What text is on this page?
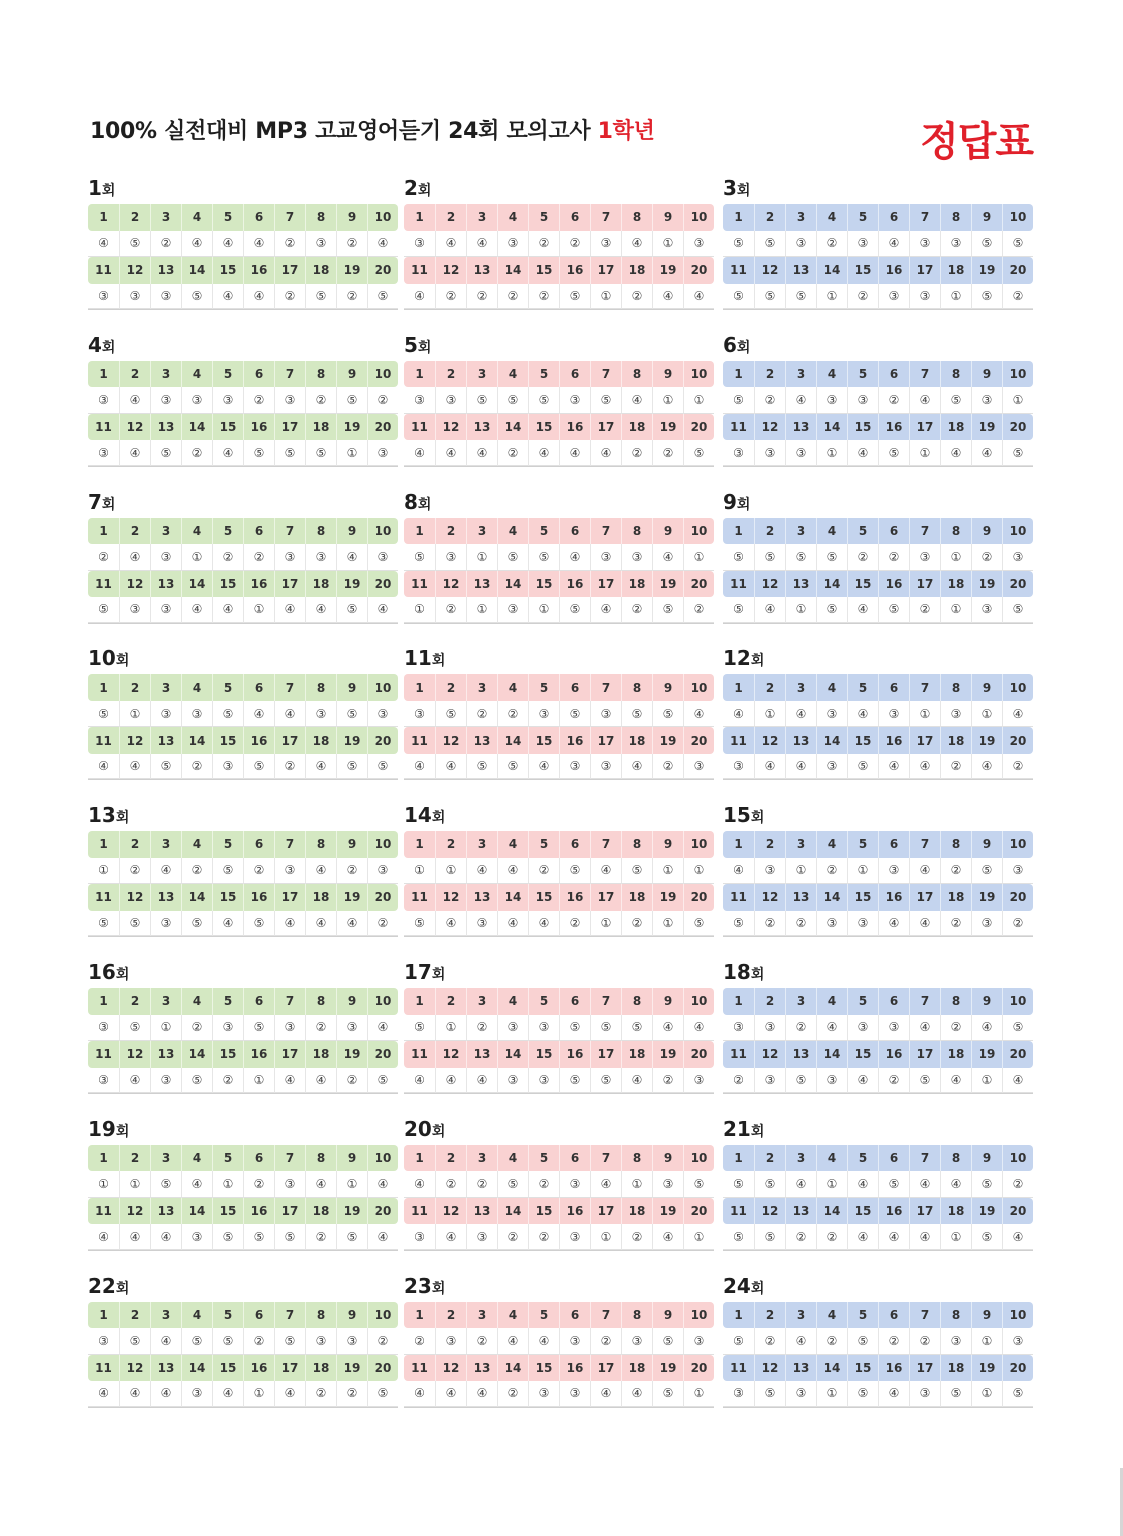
100% 실전대비 MP3 고교영어듣기 24회 모의고사 1학년	정답표
1회
1	2	3	4	5	6	7	8	9	10
④	⑤	②	④	④	④	②	③	②	④
11	12	13	14	15	16	17	18	19	20
③	③	③	⑤	④	④	②	⑤	②	⑤
2회
1	2	3	4	5	6	7	8	9	10
③	④	④	③	②	②	③	④	①	③
11	12	13	14	15	16	17	18	19	20
④	②	②	②	②	⑤	①	②	④	④
3회
1	2	3	4	5	6	7	8	9	10
⑤	⑤	③	②	③	④	③	③	⑤	⑤
11	12	13	14	15	16	17	18	19	20
⑤	⑤	⑤	①	②	③	③	①	⑤	②
4회
1	2	3	4	5	6	7	8	9	10
③	④	③	③	③	②	③	②	⑤	②
11	12	13	14	15	16	17	18	19	20
③	④	⑤	②	④	⑤	⑤	⑤	①	③
5회
1	2	3	4	5	6	7	8	9	10
③	③	⑤	⑤	⑤	③	⑤	④	①	①
11	12	13	14	15	16	17	18	19	20
④	④	④	②	④	④	④	②	②	⑤
6회
1	2	3	4	5	6	7	8	9	10
⑤	②	④	③	③	②	④	⑤	③	①
11	12	13	14	15	16	17	18	19	20
③	③	③	①	④	⑤	①	④	④	⑤
7회
1	2	3	4	5	6	7	8	9	10
②	④	③	①	②	②	③	③	④	③
11	12	13	14	15	16	17	18	19	20
⑤	③	③	④	④	①	④	④	⑤	④
8회
1	2	3	4	5	6	7	8	9	10
⑤	③	①	⑤	⑤	④	③	③	④	①
11	12	13	14	15	16	17	18	19	20
①	②	①	③	①	⑤	④	②	⑤	②
9회
1	2	3	4	5	6	7	8	9	10
⑤	⑤	⑤	⑤	②	②	③	①	②	③
11	12	13	14	15	16	17	18	19	20
⑤	④	①	⑤	④	⑤	②	①	③	⑤
10회
1	2	3	4	5	6	7	8	9	10
⑤	①	③	③	⑤	④	④	③	⑤	③
11	12	13	14	15	16	17	18	19	20
④	④	⑤	②	③	⑤	②	④	⑤	⑤
11회
1	2	3	4	5	6	7	8	9	10
③	⑤	②	②	③	⑤	③	⑤	⑤	④
11	12	13	14	15	16	17	18	19	20
④	④	⑤	⑤	④	③	③	④	②	③
12회
1	2	3	4	5	6	7	8	9	10
④	①	④	③	④	③	①	③	①	④
11	12	13	14	15	16	17	18	19	20
③	④	④	③	⑤	④	④	②	④	②
13회
1	2	3	4	5	6	7	8	9	10
①	②	④	②	⑤	②	③	④	②	③
11	12	13	14	15	16	17	18	19	20
⑤	⑤	③	⑤	④	⑤	④	④	④	②
14회
1	2	3	4	5	6	7	8	9	10
①	①	④	④	②	⑤	④	⑤	①	①
11	12	13	14	15	16	17	18	19	20
⑤	④	③	④	④	②	①	②	①	⑤
15회
1	2	3	4	5	6	7	8	9	10
④	③	①	②	①	③	④	②	⑤	③
11	12	13	14	15	16	17	18	19	20
⑤	②	②	③	③	④	④	②	③	②
16회
1	2	3	4	5	6	7	8	9	10
③	⑤	①	②	③	⑤	③	②	③	④
11	12	13	14	15	16	17	18	19	20
③	④	③	⑤	②	①	④	④	②	⑤
17회
1	2	3	4	5	6	7	8	9	10
⑤	①	②	③	③	⑤	⑤	⑤	④	④
11	12	13	14	15	16	17	18	19	20
④	④	④	③	③	⑤	⑤	④	②	③
18회
1	2	3	4	5	6	7	8	9	10
③	③	②	④	③	③	④	②	④	⑤
11	12	13	14	15	16	17	18	19	20
②	③	⑤	③	④	②	⑤	④	①	④
19회
1	2	3	4	5	6	7	8	9	10
①	①	⑤	④	①	②	③	④	①	④
11	12	13	14	15	16	17	18	19	20
④	④	④	③	⑤	⑤	⑤	②	⑤	④
20회
1	2	3	4	5	6	7	8	9	10
④	②	②	⑤	②	③	④	①	③	⑤
11	12	13	14	15	16	17	18	19	20
③	④	③	②	②	③	①	②	④	①
21회
1	2	3	4	5	6	7	8	9	10
⑤	⑤	④	①	④	⑤	④	④	⑤	②
11	12	13	14	15	16	17	18	19	20
⑤	⑤	②	②	④	④	④	①	⑤	④
22회
1	2	3	4	5	6	7	8	9	10
③	⑤	④	⑤	⑤	②	⑤	③	③	②
11	12	13	14	15	16	17	18	19	20
④	④	④	③	④	①	④	②	②	⑤
23회
1	2	3	4	5	6	7	8	9	10
②	③	②	④	④	③	②	③	⑤	③
11	12	13	14	15	16	17	18	19	20
④	④	④	②	③	③	④	④	⑤	①
24회
1	2	3	4	5	6	7	8	9	10
⑤	②	④	②	⑤	②	②	③	①	③
11	12	13	14	15	16	17	18	19	20
③	⑤	③	①	⑤	④	③	⑤	①	⑤
